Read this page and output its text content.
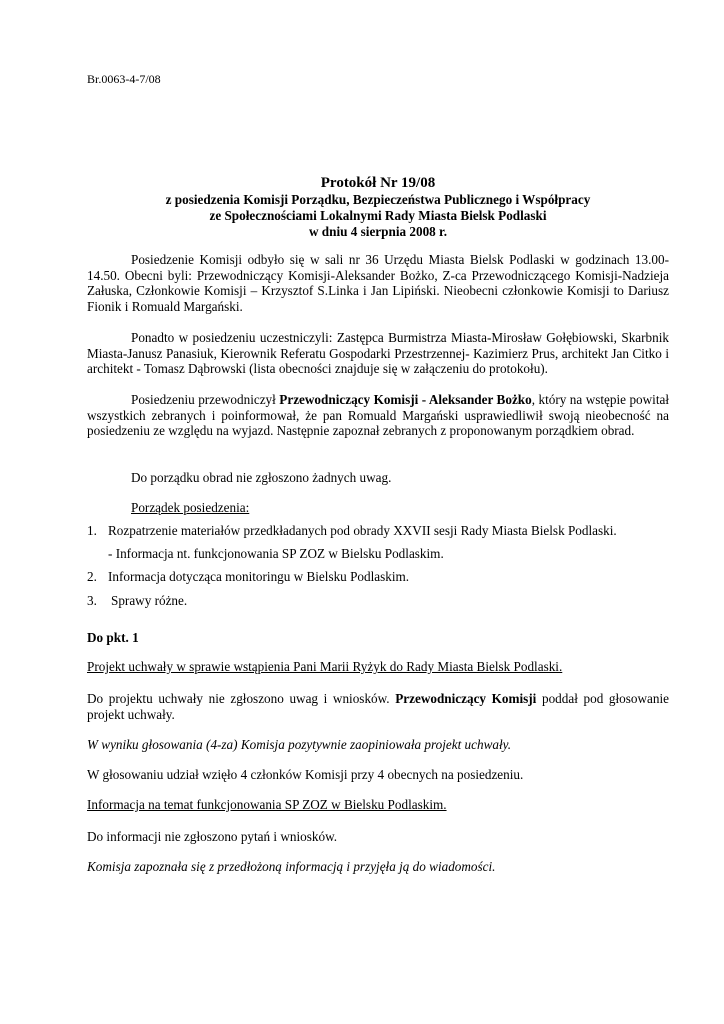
Br.0063-4-7/08
Protokół Nr 19/08
z posiedzenia Komisji Porządku, Bezpieczeństwa Publicznego i Współpracy
ze Społecznościami Lokalnymi Rady Miasta Bielsk Podlaski
w dniu 4 sierpnia 2008 r.
Posiedzenie Komisji odbyło się w sali nr 36 Urzędu Miasta Bielsk Podlaski w godzinach 13.00-14.50. Obecni byli: Przewodniczący Komisji-Aleksander Bożko, Z-ca Przewodniczącego Komisji-Nadzieja Załuska, Członkowie Komisji – Krzysztof S.Linka i Jan Lipiński. Nieobecni członkowie Komisji to Dariusz Fionik i Romuald Margański.
Ponadto w posiedzeniu uczestniczyli: Zastępca Burmistrza Miasta-Mirosław Gołębiowski, Skarbnik Miasta-Janusz Panasiuk, Kierownik Referatu Gospodarki Przestrzennej- Kazimierz Prus, architekt Jan Citko i architekt - Tomasz Dąbrowski (lista obecności znajduje się w załączeniu do protokołu).
Posiedzeniu przewodniczył Przewodniczący Komisji - Aleksander Bożko, który na wstępie powitał wszystkich zebranych i poinformował, że pan Romuald Margański usprawiedliwił swoją nieobecność na posiedzeniu ze względu na wyjazd. Następnie zapoznał zebranych z proponowanym porządkiem obrad.
Do porządku obrad nie zgłoszono żadnych uwag.
Porządek posiedzenia:
1. Rozpatrzenie materiałów przedkładanych pod obrady XXVII sesji Rady Miasta Bielsk Podlaski.
- Informacja nt. funkcjonowania SP ZOZ w Bielsku Podlaskim.
2. Informacja dotycząca monitoringu w Bielsku Podlaskim.
3. Sprawy różne.
Do pkt. 1
Projekt uchwały w sprawie wstąpienia Pani Marii Ryżyk do Rady Miasta Bielsk Podlaski.
Do projektu uchwały nie zgłoszono uwag i wniosków. Przewodniczący Komisji poddał pod głosowanie projekt uchwały.
W wyniku głosowania (4-za) Komisja pozytywnie zaopiniowała projekt uchwały.
W głosowaniu udział wzięło 4 członków Komisji przy 4 obecnych na posiedzeniu.
Informacja na temat funkcjonowania SP ZOZ w Bielsku Podlaskim.
Do informacji nie zgłoszono pytań i wniosków.
Komisja zapoznała się z przedłożoną informacją i przyjęła ją do wiadomości.
